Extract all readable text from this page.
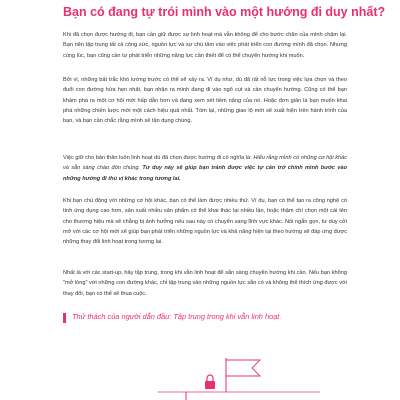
Bạn có đang tự trói mình vào một hướng đi duy nhất?

Khi đã chọn được hướng đi, bạn cần giữ được sự linh hoạt mà vẫn không để cho bước chân của mình chậm lại. Bạn nên tập trung tất cả công sức, nguồn lực và sự chú tâm vào việc phát triển con đường mình đã chọn. Nhưng cùng lúc, bạn cũng cần tự phát triển những năng lực cần thiết để có thể chuyển hướng khi muốn.

Bởi vì, những bất trắc khó lường trước có thể sẽ xảy ra. Ví dụ như, dù đã rất nỗ lực trong việc lựa chọn và theo đuổi con đường hứa hẹn nhất, bạn nhận ra mình đang đi vào ngõ cụt và cần chuyển hướng. Cũng có thể bạn khám phá ra một cơ hội mới hấp dẫn hơn và đang xem xét tiềm năng của nó. Hoặc đơn giản là bạn muốn khai phá những chiến lược mới một cách hiệu quả nhất. Tóm lại, những giao lộ mới sẽ xuất hiện trên hành trình của bạn, và bạn cần chắc rằng mình sẽ tận dụng chúng.

Việc giữ cho bản thân luôn linh hoạt dù đã chọn được hướng đi có nghĩa là: Hiểu rằng mình có những cơ hội khác và sẵn sàng chào đón chúng. Tư duy này sẽ giúp bạn tránh được việc tự cản trở chính mình bước vào những hướng đi thú vị khác trong tương lai.

Khi bạn chú động với những cơ hội khác, bạn có thể làm được nhiều thứ. Ví dụ, bạn có thể tạo ra công nghệ có tính ứng dụng cao hơn, sản xuất nhiều sản phẩm có thể khai thác lại nhiều lần, hoặc thậm chí chọn một cái tên cho thương hiệu mà sẽ chẳng bị ảnh hưởng nếu sau này có chuyển sang lĩnh vực khác. Nói ngắn gọn, tư duy cởi mở với các cơ hội mới sẽ giúp bạn phát triển những nguồn lực và khả năng hiện tại theo hướng sẽ đáp ứng được những thay đổi linh hoạt trong tương lai.

Nhất là với các start-up, hãy tập trung, trong khi vẫn linh hoạt để sẵn sàng chuyển hướng khi cần. Nếu bạn không "mở lòng" với những con đường khác, chỉ tập trung vào những nguồn lực sẵn có và không thể thích ứng được với thay đổi, bạn có thể sẽ thua cuộc.

Thử thách của người dẫn đầu: Tập trung trong khi vẫn linh hoạt.
